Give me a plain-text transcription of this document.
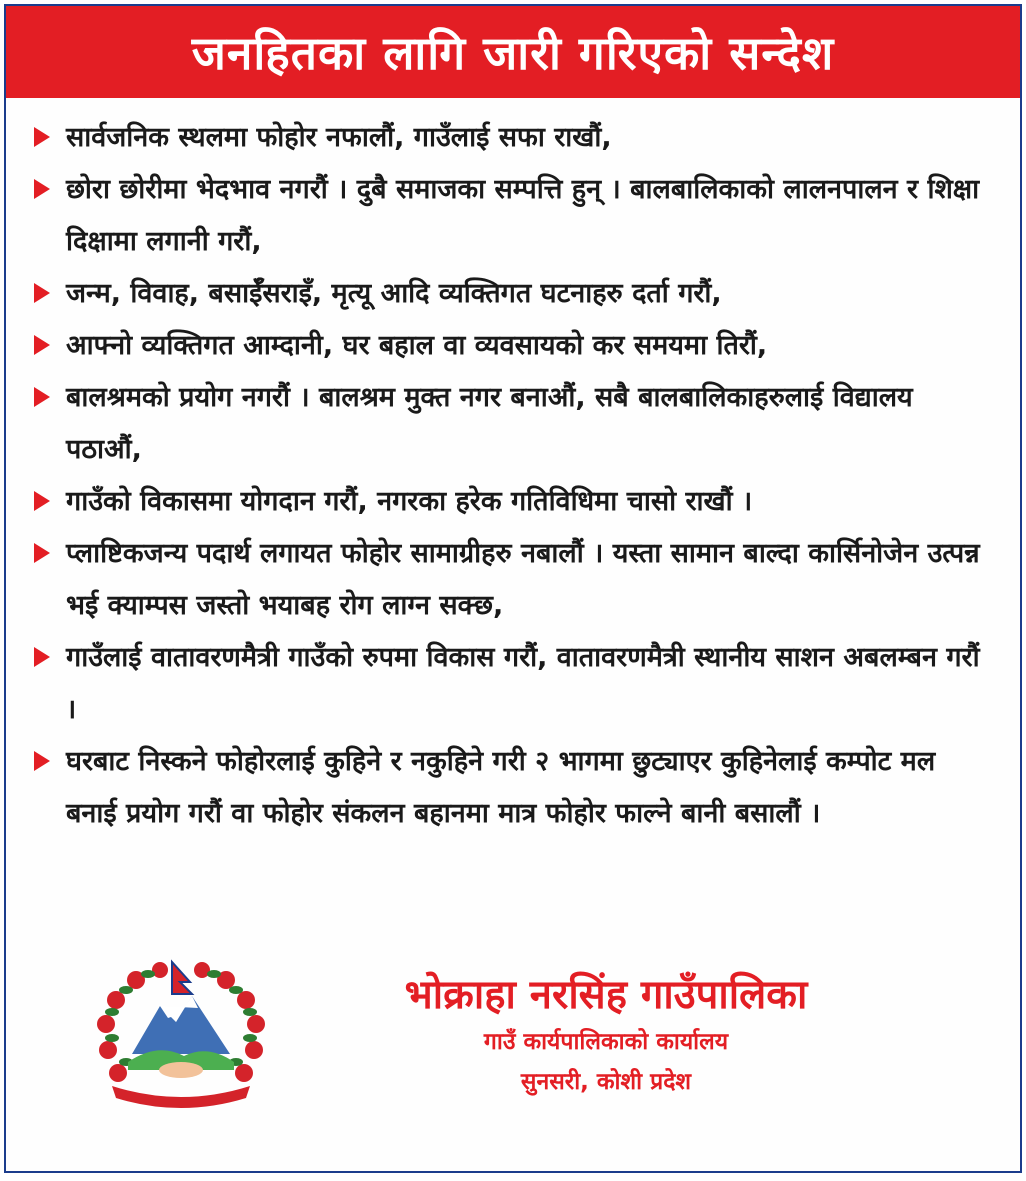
जनहितका लागि जारी गरिएको सन्देश
सार्वजनिक स्थलमा फोहोर नफालौं, गाउँलाई सफा राखौं,
छोरा छोरीमा भेदभाव नगरौं । दुबै समाजका सम्पत्ति हुन् । बालबालिकाको लालनपालन र शिक्षा दिक्षामा लगानी गरौं,
जन्म, विवाह, बसाईँसराइँ, मृत्यू आदि व्यक्तिगत घटनाहरु दर्ता गरौं,
आफ्नो व्यक्तिगत आम्दानी, घर बहाल वा व्यवसायको कर समयमा तिरौं,
बालश्रमको प्रयोग नगरौं । बालश्रम मुक्त नगर बनाऔं, सबै बालबालिकाहरुलाई विद्यालय पठाऔं,
गाउँको विकासमा योगदान गरौं, नगरका हरेक गतिविधिमा चासो राखौं ।
प्लाष्टिकजन्य पदार्थ लगायत फोहोर सामाग्रीहरु नबालौं । यस्ता सामान बाल्दा कार्सिनोजेन उत्पन्न भई क्याम्पस जस्तो भयाबह रोग लाग्न सक्छ,
गाउँलाई वातावरणमैत्री गाउँको रुपमा विकास गरौं, वातावरणमैत्री स्थानीय साशन अबलम्बन गरौं ।
घरबाट निस्कने फोहोरलाई कुहिने र नकुहिने गरी २ भागमा छुट्याएर कुहिनेलाई कम्पोट मल बनाई प्रयोग गरौं वा फोहोर संकलन बहानमा मात्र फोहोर फाल्ने बानी बसालौं ।
भोक्राहा नरसिंह गाउँपालिका
गाउँ कार्यपालिकाको कार्यालय
सुनसरी, कोशी प्रदेश
